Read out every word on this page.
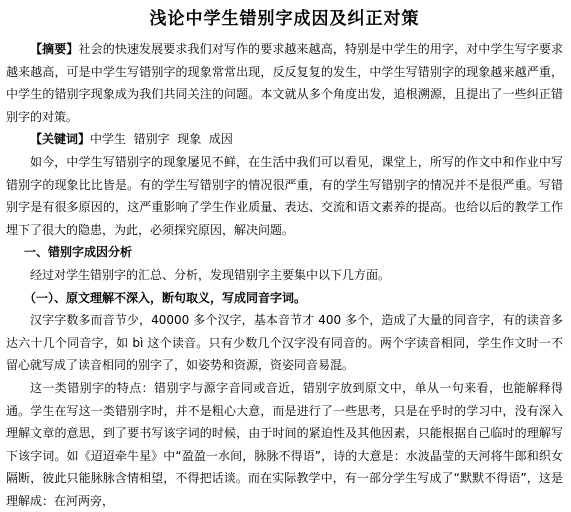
浅论中学生错别字成因及纠正对策

【摘要】社会的快速发展要求我们对写作的要求越来越高，特别是中学生的用字，对中学生写字要求越来越高，可是中学生写错别字的现象常常出现，反反复复的发生，中学生写错别字的现象越来越严重，中学生的错别字现象成为我们共同关注的问题。本文就从多个角度出发，追根溯源，且提出了一些纠正错别字的对策。

【关键词】中学生  错别字  现象  成因

如今，中学生写错别字的现象屡见不鲜，在生活中我们可以看见，课堂上，所写的作文中和作业中写错别字的现象比比皆是。有的学生写错别字的情况很严重，有的学生写错别字的情况并不是很严重。写错别字是有很多原因的，这严重影响了学生作业质量、表达、交流和语文素养的提高。也给以后的教学工作埋下了很大的隐患，为此，必须探究原因，解决问题。

一、错别字成因分析

经过对学生错别字的汇总、分析，发现错别字主要集中以下几方面。

（一）、原文理解不深入，断句取义，写成同音字词。

汉字字数多而音节少，40000 多个汉字，基本音节才 400 多个，造成了大量的同音字，有的读音多达六十几个同音字，如 bì 这个读音。只有少数几个汉字没有同音的。两个字读音相同，学生作文时一不留心就写成了读音相同的别字了，如姿势和资源，资姿同音易混。

这一类错别字的特点：错别字与源字音同或音近，错别字放到原文中，单从一句来看，也能解释得通。学生在写这一类错别字时，并不是粗心大意，而是进行了一些思考，只是在乎时的学习中，没有深入理解文章的意思，到了要书写该字词的时候，由于时间的紧迫性及其他因素，只能根据自己临时的理解写下该字词。如《迢迢牵牛星》中“盈盈一水间，脉脉不得语”，诗的大意是：水波晶莹的天河将牛郎和织女隔断，彼此只能脉脉含情相望，不得把话谈。而在实际教学中，有一部分学生写成了“默默不得语”，这是理解成：在河两旁，
